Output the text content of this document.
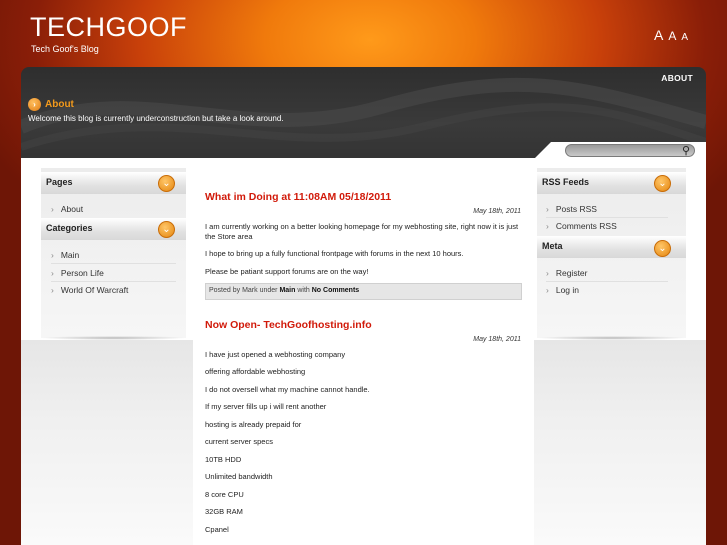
TECHGOOF
Tech Goof's Blog
A A A
ABOUT
› About
Welcome this blog is currently underconstruction but take a look around.
⚲
Pages	⌄
› About
Categories	⌄
› Main
› Person Life
› World Of Warcraft
RSS Feeds	⌄
› Posts RSS
› Comments RSS
Meta	⌄
› Register
› Log in
What im Doing at 11:08AM 05/18/2011
May 18th, 2011
I am currently working on a better looking homepage for my webhosting site, right now it is just the Store area
I hope to bring up a fully functional frontpage with forums in the next 10 hours.
Please be patiant support forums are on the way!
Posted by Mark under Main with No Comments
Now Open- TechGoofhosting.info
May 18th, 2011
I have just opened a webhosting company
offering affordable webhosting
I do not oversell what my machine cannot handle.
If my server fills up i will rent another
hosting is already prepaid for
current server specs
10TB HDD
Unlimited bandwidth
8 core CPU
32GB RAM
Cpanel
